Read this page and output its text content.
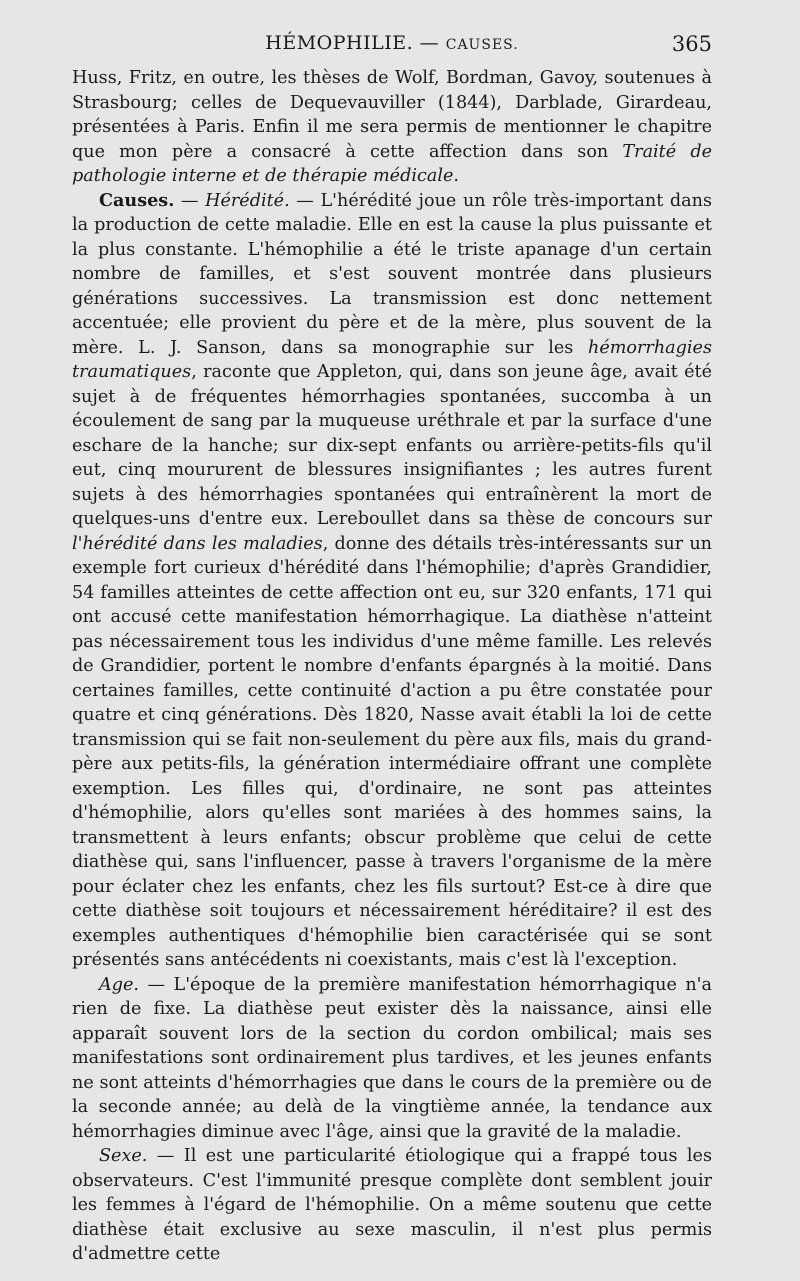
HÉMOPHILIE. — CAUSES.	365

Huss, Fritz, en outre, les thèses de Wolf, Bordman, Gavoy, soutenues à Strasbourg; celles de Dequevauviller (1844), Darblade, Girardeau, présentées à Paris. Enfin il me sera permis de mentionner le chapitre que mon père a consacré à cette affection dans son Traité de pathologie interne et de thérapie médicale.

Causes. — Hérédité. — L'hérédité joue un rôle très-important dans la production de cette maladie. Elle en est la cause la plus puissante et la plus constante. L'hémophilie a été le triste apanage d'un certain nombre de familles, et s'est souvent montrée dans plusieurs générations successives. La transmission est donc nettement accentuée; elle provient du père et de la mère, plus souvent de la mère. L. J. Sanson, dans sa monographie sur les hémorrhagies traumatiques, raconte que Appleton, qui, dans son jeune âge, avait été sujet à de fréquentes hémorrhagies spontanées, succomba à un écoulement de sang par la muqueuse uréthrale et par la surface d'une eschare de la hanche; sur dix-sept enfants ou arrière-petits-fils qu'il eut, cinq moururent de blessures insignifiantes ; les autres furent sujets à des hémorrhagies spontanées qui entraînèrent la mort de quelques-uns d'entre eux. Lereboullet dans sa thèse de concours sur l'hérédité dans les maladies, donne des détails très-intéressants sur un exemple fort curieux d'hérédité dans l'hémophilie; d'après Grandidier, 54 familles atteintes de cette affection ont eu, sur 320 enfants, 171 qui ont accusé cette manifestation hémorrhagique. La diathèse n'atteint pas nécessairement tous les individus d'une même famille. Les relevés de Grandidier, portent le nombre d'enfants épargnés à la moitié. Dans certaines familles, cette continuité d'action a pu être constatée pour quatre et cinq générations. Dès 1820, Nasse avait établi la loi de cette transmission qui se fait non-seulement du père aux fils, mais du grand-père aux petits-fils, la génération intermédiaire offrant une complète exemption. Les filles qui, d'ordinaire, ne sont pas atteintes d'hémophilie, alors qu'elles sont mariées à des hommes sains, la transmettent à leurs enfants; obscur problème que celui de cette diathèse qui, sans l'influencer, passe à travers l'organisme de la mère pour éclater chez les enfants, chez les fils surtout? Est-ce à dire que cette diathèse soit toujours et nécessairement héréditaire? il est des exemples authentiques d'hémophilie bien caractérisée qui se sont présentés sans antécédents ni coexistants, mais c'est là l'exception.

Age. — L'époque de la première manifestation hémorrhagique n'a rien de fixe. La diathèse peut exister dès la naissance, ainsi elle apparaît souvent lors de la section du cordon ombilical; mais ses manifestations sont ordinairement plus tardives, et les jeunes enfants ne sont atteints d'hémorrhagies que dans le cours de la première ou de la seconde année; au delà de la vingtième année, la tendance aux hémorrhagies diminue avec l'âge, ainsi que la gravité de la maladie.

Sexe. — Il est une particularité étiologique qui a frappé tous les observateurs. C'est l'immunité presque complète dont semblent jouir les femmes à l'égard de l'hémophilie. On a même soutenu que cette diathèse était exclusive au sexe masculin, il n'est plus permis d'admettre cette
